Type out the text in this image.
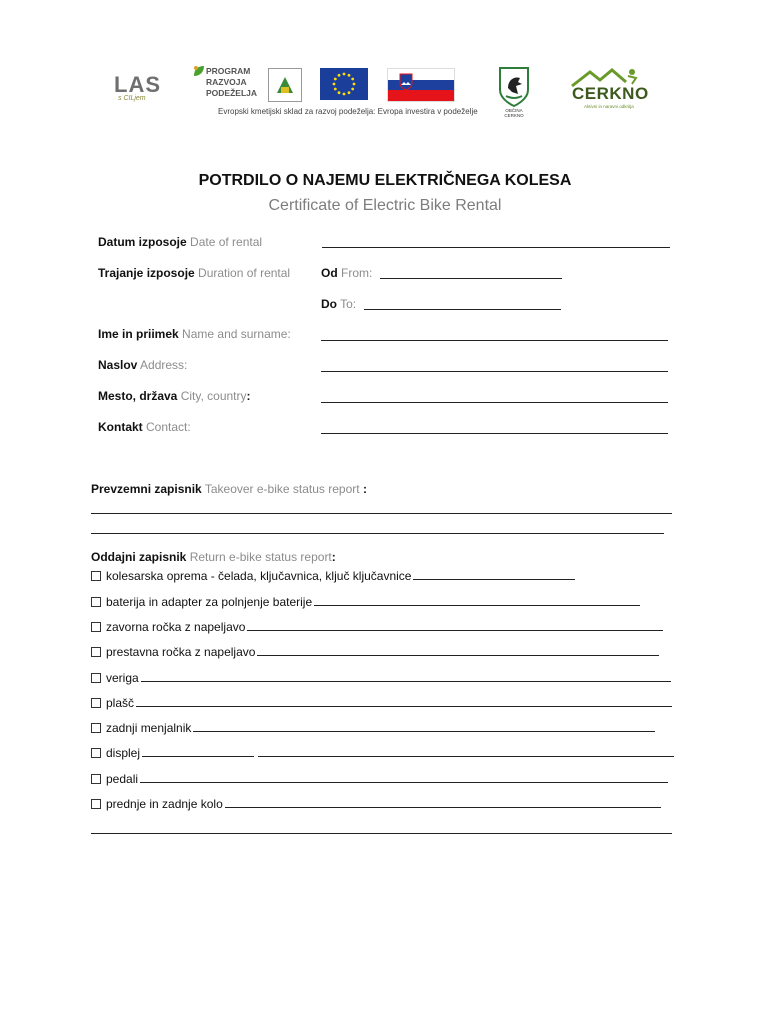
LAS
s CILjem
PROGRAM
RAZVOJA
PODEŽELJA
Evropski kmetijski sklad za razvoj podeželja: Evropa investira v podeželje	OBČINA CERKNO
CERKNO
Aktivni in naravni odkritja
POTRDILO O NAJEMU ELEKTRIČNEGA KOLESA
Certificate of Electric Bike Rental
Datum izposoje Date of rental
Trajanje izposoje Duration of rental	Od From:
Do To:
Ime in priimek Name and surname:
Naslov Address:
Mesto, država City, country:
Kontakt Contact:
Prevzemni zapisnik Takeover e-bike status report :
Oddajni zapisnik Return e-bike status report:
kolesarska oprema - čelada, ključavnica, ključ ključavnice
baterija in adapter za polnjenje baterije
zavorna ročka z napeljavo
prestavna ročka z napeljavo
veriga
plašč
zadnji menjalnik
displej
pedali
prednje in zadnje kolo
